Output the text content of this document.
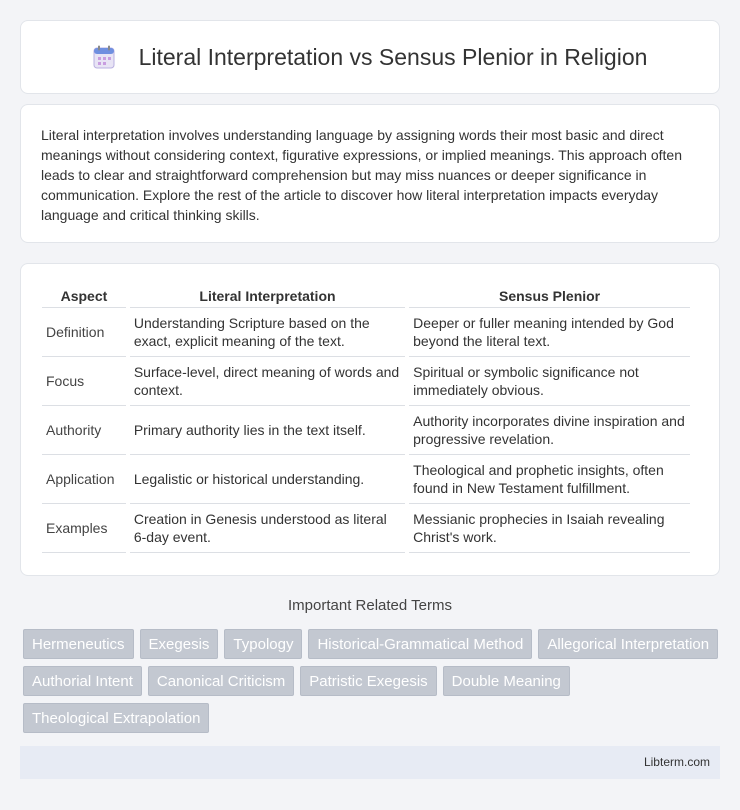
Literal Interpretation vs Sensus Plenior in Religion

Literal interpretation involves understanding language by assigning words their most basic and direct meanings without considering context, figurative expressions, or implied meanings. This approach often leads to clear and straightforward comprehension but may miss nuances or deeper significance in communication. Explore the rest of the article to discover how literal interpretation impacts everyday language and critical thinking skills.

Aspect	Literal Interpretation	Sensus Plenior
Definition	Understanding Scripture based on the exact, explicit meaning of the text.	Deeper or fuller meaning intended by God beyond the literal text.
Focus	Surface-level, direct meaning of words and context.	Spiritual or symbolic significance not immediately obvious.
Authority	Primary authority lies in the text itself.	Authority incorporates divine inspiration and progressive revelation.
Application	Legalistic or historical understanding.	Theological and prophetic insights, often found in New Testament fulfillment.
Examples	Creation in Genesis understood as literal 6-day event.	Messianic prophecies in Isaiah revealing Christ's work.
Important Related Terms
Hermeneutics	Exegesis	Typology	Historical-Grammatical Method	Allegorical Interpretation
Authorial Intent	Canonical Criticism	Patristic Exegesis	Double Meaning
Theological Extrapolation
Libterm.com
